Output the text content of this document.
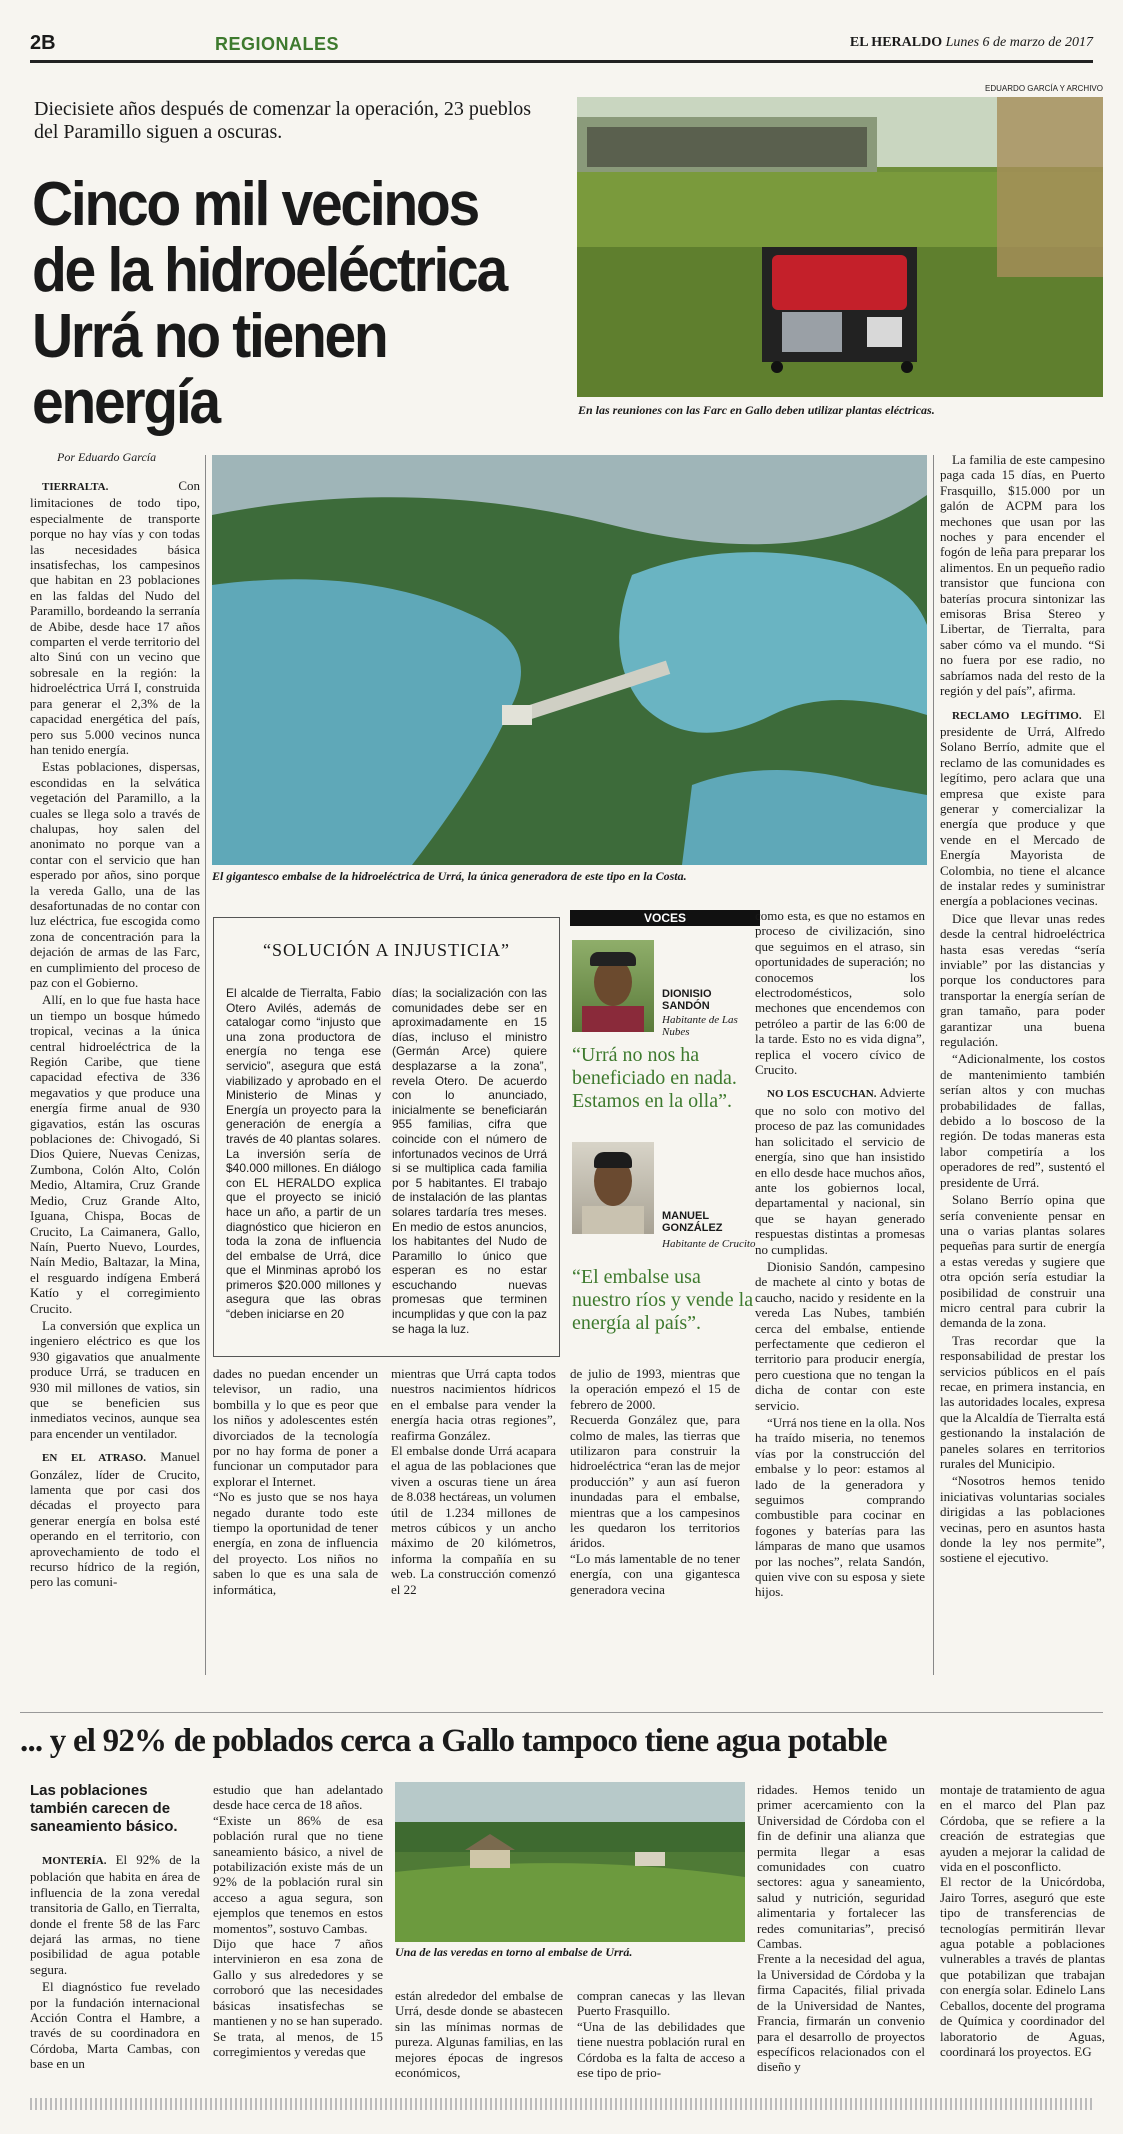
2B	REGIONALES	EL HERALDO Lunes 6 de marzo de 2017
Diecisiete años después de comenzar la operación, 23 pueblos del Paramillo siguen a oscuras.
Cinco mil vecinos de la hidroeléctrica Urrá no tienen energía
EDUARDO GARCÍA Y ARCHIVO
En las reuniones con las Farc en Gallo deben utilizar plantas eléctricas.
Por Eduardo García
El gigantesco embalse de la hidroeléctrica de Urrá, la única generadora de este tipo en la Costa.

TIERRALTA.	Con limitaciones de todo tipo, especialmente de transporte porque no hay vías y con todas las necesidades básica insatisfechas, los campesinos que habitan en 23 poblaciones en las faldas del Nudo del Paramillo, bordeando la serranía de Abibe, desde hace 17 años comparten el verde territorio del alto Sinú con un vecino que sobresale en la región: la hidroeléctrica Urrá I, construida para generar el 2,3% de la capacidad energética del país, pero sus 5.000 vecinos nunca han tenido energía.

Estas poblaciones, dispersas, escondidas en la selvática vegetación del Paramillo, a la cuales se llega solo a través de chalupas, hoy salen del anonimato no porque van a contar con el servicio que han esperado por años, sino porque la vereda Gallo, una de las desafortunadas de no contar con luz eléctrica, fue escogida como zona de concentración para la dejación de armas de las Farc, en cumplimiento del proceso de paz con el Gobierno.

Allí, en lo que fue hasta hace un tiempo un bosque húmedo tropical, vecinas a la única central hidroeléctrica de la Región Caribe, que tiene capacidad efectiva de 336 megavatios y que produce una energía firme anual de 930 gigavatios, están las oscuras poblaciones de: Chivogadó, Si Dios Quiere, Nuevas Cenizas, Zumbona, Colón Alto, Colón Medio, Altamira, Cruz Grande Medio, Cruz Grande Alto, Iguana, Chispa, Bocas de Crucito, La Caimanera, Gallo, Naín, Puerto Nuevo, Lourdes, Naín Medio, Baltazar, la Mina, el resguardo indígena Emberá Katío y el corregimiento Crucito.

La conversión que explica un ingeniero eléctrico es que los 930 gigavatios que anualmente produce Urrá, se traducen en 930 mil millones de vatios, sin que se beneficien sus inmediatos vecinos, aunque sea para encender un ventilador.

EN EL ATRASO. Manuel González, líder de Crucito, lamenta que por casi dos décadas el proyecto para generar energía en bolsa esté operando en el territorio, con aprovechamiento de todo el recurso hídrico de la región, pero las comuni-

“SOLUCIÓN A INJUSTICIA”
El alcalde de Tierralta, Fabio Otero Avilés, además de catalogar como “injusto que una zona productora de energía no tenga ese servicio”, asegura que está viabilizado y aprobado en el Ministerio de Minas y Energía un proyecto para la generación de energía a través de 40 plantas solares. La inversión sería de $40.000 millones. En diálogo con EL HERALDO explica que el proyecto se inició hace un año, a partir de un diagnóstico que hicieron en toda la zona de influencia del embalse de Urrá, dice que el Minminas aprobó los primeros $20.000 millones y asegura que las obras “deben iniciarse en 20
días; la socialización con las comunidades debe ser en aproximadamente en 15 días, incluso el ministro (Germán Arce) quiere desplazarse a la zona”, revela Otero. De acuerdo con lo anunciado, inicialmente se beneficiarán 955 familias, cifra que coincide con el número de infortunados vecinos de Urrá si se multiplica cada familia por 5 habitantes. El trabajo de instalación de las plantas solares tardaría tres meses. En medio de estos anuncios, los habitantes del Nudo de Paramillo lo único que esperan es no estar escuchando nuevas promesas que terminen incumplidas y que con la paz se haga la luz.
VOCES
DIONISIO SANDÓN
Habitante de Las Nubes
“Urrá no nos ha beneficiado en nada. Estamos en la olla”.
MANUEL GONZÁLEZ
Habitante de Crucito
“El embalse usa nuestro ríos y vende la energía al país”.
dades no puedan encender un televisor, un radio, una bombilla y lo que es peor que los niños y adolescentes estén divorciados de la tecnología por no hay forma de poner a funcionar un computador para explorar el Internet.
“No es justo que se nos haya negado durante todo este tiempo la oportunidad de tener energía, en zona de influencia del proyecto. Los niños no saben lo que es una sala de informática,
mientras que Urrá capta todos nuestros nacimientos hídricos en el embalse para vender la energía hacia otras regiones”, reafirma González.
El embalse donde Urrá acapara el agua de las poblaciones que viven a oscuras tiene un área de 8.038 hectáreas, un volumen útil de 1.234 millones de metros cúbicos y un ancho máximo de 20 kilómetros, informa la compañía en su web. La construcción comenzó el 22
de julio de 1993, mientras que la operación empezó el 15 de febrero de 2000.
Recuerda González que, para colmo de males, las tierras que utilizaron para construir la hidroeléctrica “eran las de mejor producción” y aun así fueron inundadas para el embalse, mientras que a los campesinos les quedaron los territorios áridos.
“Lo más lamentable de no tener energía, con una gigantesca generadora vecina

como esta, es que no estamos en proceso de civilización, sino que seguimos en el atraso, sin oportunidades de superación; no conocemos los electrodomésticos, solo mechones que encendemos con petróleo a partir de las 6:00 de la tarde. Esto no es vida digna”, replica el vocero cívico de Crucito.

NO LOS ESCUCHAN. Advierte que no solo con motivo del proceso de paz las comunidades han solicitado el servicio de energía, sino que han insistido en ello desde hace muchos años, ante los gobiernos local, departamental y nacional, sin que se hayan generado respuestas distintas a promesas no cumplidas.

Dionisio Sandón, campesino de machete al cinto y botas de caucho, nacido y residente en la vereda Las Nubes, también cerca del embalse, entiende perfectamente que cedieron el territorio para producir energía, pero cuestiona que no tengan la dicha de contar con este servicio.

“Urrá nos tiene en la olla. Nos ha traído miseria, no tenemos vías por la construcción del embalse y lo peor: estamos al lado de la generadora y seguimos comprando combustible para cocinar en fogones y baterías para las lámparas de mano que usamos por las noches”, relata Sandón, quien vive con su esposa y siete hijos.

La familia de este campesino paga cada 15 días, en Puerto Frasquillo, $15.000 por un galón de ACPM para los mechones que usan por las noches y para encender el fogón de leña para preparar los alimentos. En un pequeño radio transistor que funciona con baterías procura sintonizar las emisoras Brisa Stereo y Libertar, de Tierralta, para saber cómo va el mundo. “Si no fuera por ese radio, no sabríamos nada del resto de la región y del país”, afirma.

RECLAMO LEGÍTIMO. El presidente de Urrá, Alfredo Solano Berrío, admite que el reclamo de las comunidades es legítimo, pero aclara que una empresa que existe para generar y comercializar la energía que produce y que vende en el Mercado de Energía Mayorista de Colombia, no tiene el alcance de instalar redes y suministrar energía a poblaciones vecinas.

Dice que llevar unas redes desde la central hidroeléctrica hasta esas veredas “sería inviable” por las distancias y porque los conductores para transportar la energía serían de gran tamaño, para poder garantizar una buena regulación.

“Adicionalmente, los costos de mantenimiento también serían altos y con muchas probabilidades de fallas, debido a lo boscoso de la región. De todas maneras esta labor competiría a los operadores de red”, sustentó el presidente de Urrá.

Solano Berrío opina que sería conveniente pensar en una o varias plantas solares pequeñas para surtir de energía a estas veredas y sugiere que otra opción sería estudiar la posibilidad de construir una micro central para cubrir la demanda de la zona.

Tras recordar que la responsabilidad de prestar los servicios públicos en el país recae, en primera instancia, en las autoridades locales, expresa que la Alcaldía de Tierralta está gestionando la instalación de paneles solares en territorios rurales del Municipio.

“Nosotros hemos tenido iniciativas voluntarias sociales dirigidas a las poblaciones vecinas, pero en asuntos hasta donde la ley nos permite”, sostiene el ejecutivo.

... y el 92% de poblados cerca a Gallo tampoco tiene agua potable
Las poblaciones también carecen de saneamiento básico.

MONTERÍA. El 92% de la población que habita en área de influencia de la zona veredal transitoria de Gallo, en Tierralta, donde el frente 58 de las Farc dejará las armas, no tiene posibilidad de agua potable segura.

El diagnóstico fue revelado por la fundación internacional Acción Contra el Hambre, a través de su coordinadora en Córdoba, Marta Cambas, con base en un

estudio que han adelantado desde hace cerca de 18 años.
“Existe un 86% de esa población rural que no tiene saneamiento básico, a nivel de potabilización existe más de un 92% de la población rural sin acceso a agua segura, son ejemplos que tenemos en estos momentos”, sostuvo Cambas.
Dijo que hace 7 años intervinieron en esa zona de Gallo y sus alrededores y se corroboró que las necesidades básicas insatisfechas se mantienen y no se han superado.
Se trata, al menos, de 15 corregimientos y veredas que
Una de las veredas en torno al embalse de Urrá.
están alrededor del embalse de Urrá, desde donde se abastecen sin las mínimas normas de pureza. Algunas familias, en las mejores épocas de ingresos económicos,
compran canecas y las llevan Puerto Frasquillo.
“Una de las debilidades que tiene nuestra población rural en Córdoba es la falta de acceso a ese tipo de prio-
ridades. Hemos tenido un primer acercamiento con la Universidad de Córdoba con el fin de definir una alianza que permita llegar a esas comunidades con cuatro sectores: agua y saneamiento, salud y nutrición, seguridad alimentaria y fortalecer las redes comunitarias”, precisó Cambas.
Frente a la necesidad del agua, la Universidad de Córdoba y la firma Capacités, filial privada de la Universidad de Nantes, Francia, firmarán un convenio para el desarrollo de proyectos específicos relacionados con el diseño y
montaje de tratamiento de agua en el marco del Plan paz Córdoba, que se refiere a la creación de estrategias que ayuden a mejorar la calidad de vida en el posconflicto.
El rector de la Unicórdoba, Jairo Torres, aseguró que este tipo de transferencias de tecnologías permitirán llevar agua potable a poblaciones vulnerables a través de plantas que potabilizan que trabajan con energía solar. Edinelo Lans Ceballos, docente del programa de Química y coordinador del laboratorio de Aguas, coordinará los proyectos. EG
